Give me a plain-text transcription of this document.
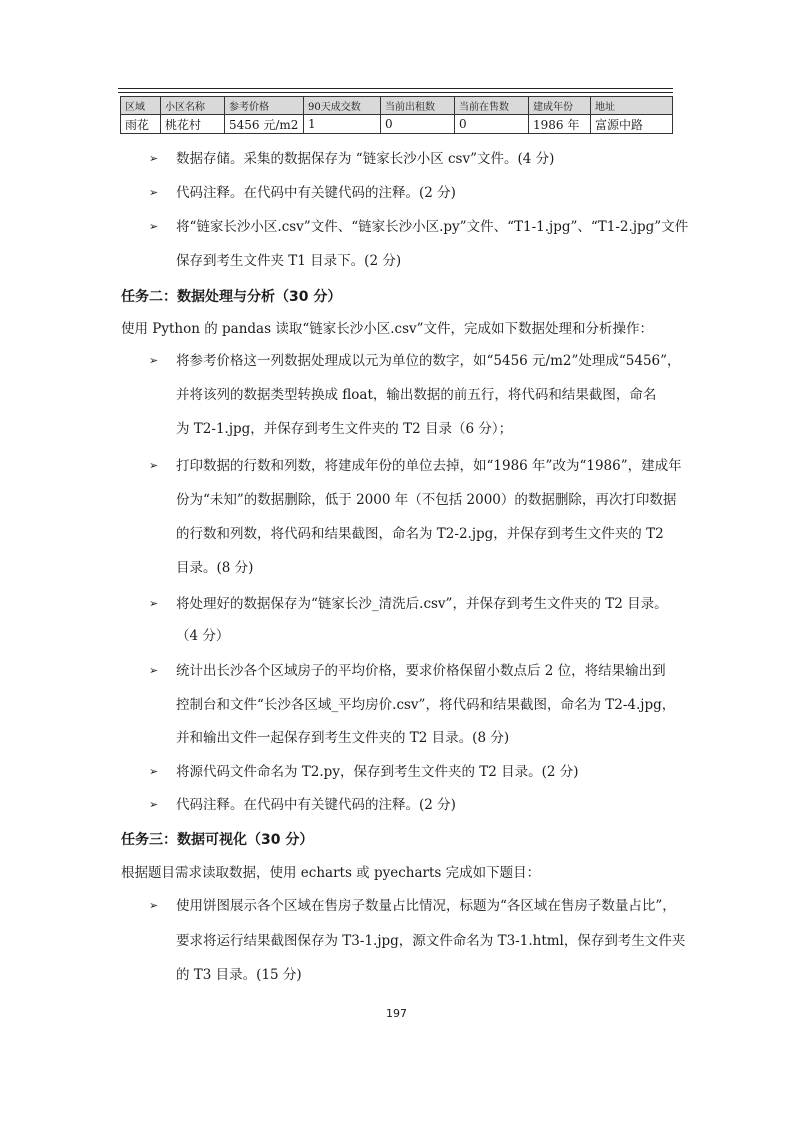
区域	小区名称	参考价格	90天成交数	当前出租数	当前在售数	建成年份	地址
雨花	桃花村	5456 元/m2	1	0	0	1986 年	富源中路
➢ 数据存储。采集的数据保存为 “链家长沙小区 csv”文件。(4 分)
➢ 代码注释。在代码中有关键代码的注释。(2 分)
➢ 将“链家长沙小区.csv”文件、“链家长沙小区.py”文件、“T1-1.jpg”、“T1-2.jpg”文件
保存到考生文件夹 T1 目录下。(2 分)
任务二：数据处理与分析（30 分）
使用 Python 的 pandas 读取“链家长沙小区.csv”文件，完成如下数据处理和分析操作：
➢ 将参考价格这一列数据处理成以元为单位的数字，如“5456 元/m2”处理成“5456”，
并将该列的数据类型转换成 float，输出数据的前五行，将代码和结果截图，命名
为 T2-1.jpg，并保存到考生文件夹的 T2 目录（6 分）；
➢ 打印数据的行数和列数，将建成年份的单位去掉，如“1986 年”改为“1986”，建成年
份为“未知”的数据删除，低于 2000 年（不包括 2000）的数据删除，再次打印数据
的行数和列数，将代码和结果截图，命名为 T2-2.jpg，并保存到考生文件夹的 T2
目录。(8 分)
➢ 将处理好的数据保存为“链家长沙_清洗后.csv”，并保存到考生文件夹的 T2 目录。
（4 分）
➢ 统计出长沙各个区域房子的平均价格，要求价格保留小数点后 2 位，将结果输出到
控制台和文件“长沙各区域_平均房价.csv”，将代码和结果截图，命名为 T2-4.jpg，
并和输出文件一起保存到考生文件夹的 T2 目录。(8 分)
➢ 将源代码文件命名为 T2.py，保存到考生文件夹的 T2 目录。(2 分)
➢ 代码注释。在代码中有关键代码的注释。(2 分)
任务三：数据可视化（30 分）
根据题目需求读取数据，使用 echarts 或 pyecharts 完成如下题目：
➢ 使用饼图展示各个区域在售房子数量占比情况，标题为“各区域在售房子数量占比”，
要求将运行结果截图保存为 T3-1.jpg，源文件命名为 T3-1.html，保存到考生文件夹
的 T3 目录。(15 分)
197
